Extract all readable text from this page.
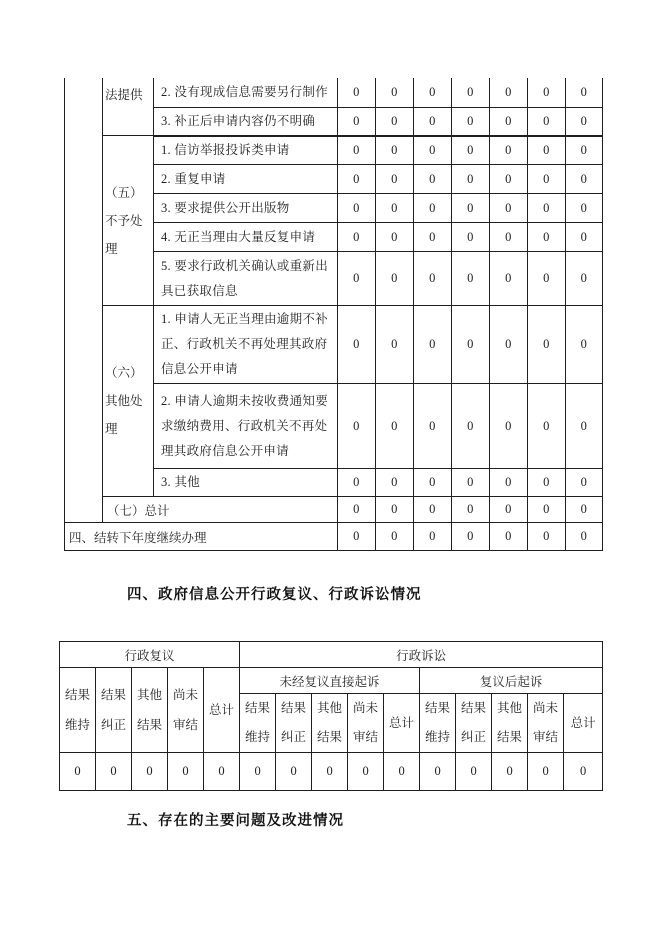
	法提供	2. 没有现成信息需要另行制作	0	0	0	0	0	0	0
		3. 补正后申请内容仍不明确	0	0	0	0	0	0	0
	（五）不予处理	1. 信访举报投诉类申请	0	0	0	0	0	0	0
		2. 重复申请	0	0	0	0	0	0	0
		3. 要求提供公开出版物	0	0	0	0	0	0	0
		4. 无正当理由大量反复申请	0	0	0	0	0	0	0
		5. 要求行政机关确认或重新出具已获取信息	0	0	0	0	0	0	0
	（六）其他处理	1. 申请人无正当理由逾期不补正、行政机关不再处理其政府信息公开申请	0	0	0	0	0	0	0
		2. 申请人逾期未按收费通知要求缴纳费用、行政机关不再处理其政府信息公开申请	0	0	0	0	0	0	0
		3. 其他	0	0	0	0	0	0	0
	（七）总计		0	0	0	0	0	0	0
四、结转下年度继续办理			0	0	0	0	0	0	0
四、政府信息公开行政复议、行政诉讼情况
行政复议					行政诉讼									
结果维持	结果纠正	其他结果	尚未审结	总计	未经复议直接起诉					复议后起诉				
					结果维持	结果纠正	其他结果	尚未审结	总计	结果维持	结果纠正	其他结果	尚未审结	总计
0	0	0	0	0	0	0	0	0	0	0	0	0	0	0
五、存在的主要问题及改进情况
